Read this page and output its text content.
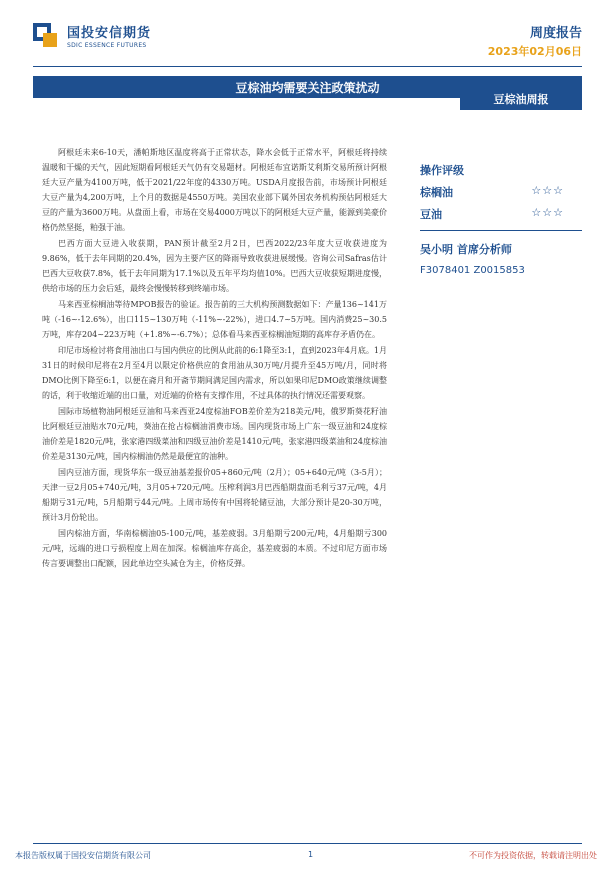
国投安信期货
SDIC ESSENCE FUTURES
周度报告
2023年02月06日
豆棕油均需要关注政策扰动
豆棕油周报

阿根廷未来6-10天，潘帕斯地区温度将高于正常状态，降水会低于正常水平，阿根廷将持续温暖和干燥的天气，因此短期看阿根廷天气仍有交易题材。阿根廷布宜诺斯艾利斯交易所预计阿根廷大豆产量为4100万吨，低于2021/22年度的4330万吨。USDA月度报告前，市场预计阿根廷大豆产量为4,200万吨，上个月的数据是4550万吨。美国农业部下属外国农务机构预估阿根廷大豆的产量为3600万吨。从盘面上看，市场在交易4000万吨以下的阿根廷大豆产量，能源到美豪价格仍然坚挺，粕强于油。

巴西方面大豆进入收获期，PAN预计截至2月2日，巴西2022/23年度大豆收获进度为9.86%，低于去年同期的20.4%，因为主要产区的降雨导致收获进展缓慢。咨询公司Safras估计巴西大豆收获7.8%，低于去年同期为17.1%以及五年平均均值10%。巴西大豆收获短期进度慢，供给市场的压力会后延，最终会慢慢转移到终端市场。

马来西亚棕榈油等待MPOB报告的验证。报告前的三大机构预测数据如下：产量136~141万吨（-16~-12.6%），出口115~130万吨（-11%~-22%），进口4.7~5万吨。国内消费25~30.5万吨，库存204~223万吨（+1.8%~-6.7%）；总体看马来西亚棕榈油短期的高库存矛盾仍在。

印尼市场检讨将食用油出口与国内供应的比例从此前的6:1降至3:1，直到2023年4月底。1月31日的时候印尼将在2月至4月以限定价格供应的食用油从30万吨/月提升至45万吨/月，同时将DMO比例下降至6:1，以便在斋月和开斋节期间满足国内需求，所以如果印尼DMO政策继续调整的话，利于收缩近端的出口量，对近端的价格有支撑作用，不过具体的执行情况还需要观察。

国际市场植物油阿根廷豆油和马来西亚24度棕油FOB差价差为218美元/吨，俄罗斯葵花籽油比阿根廷豆油贴水70元/吨，葵油在抢占棕榈油消费市场。国内现货市场上广东一级豆油和24度棕油价差是1820元/吨，张家港四级菜油和四级豆油价差是1410元/吨，张家港四级菜油和24度棕油价差是3130元/吨，国内棕榈油仍然是最便宜的油种。

国内豆油方面，现货华东一级豆油基差报价05+860元/吨（2月）；05+640元/吨（3-5月）；天津一豆2月05+740元/吨，3月05+720元/吨。压榨利润3月巴西船期盘面毛利亏37元/吨，4月船期亏31元/吨，5月船期亏44元/吨。上周市场传有中国将轮储豆油，大部分预计是20-30万吨，预计3月份轮出。

国内棕油方面，华南棕榈油05-100元/吨，基差疲弱。3月船期亏200元/吨，4月船期亏300元/吨，远端的进口亏损程度上周在加深。棕榈油库存高企，基差疲弱的本质。不过印尼方面市场传言要调整出口配额，因此单边空头减仓为主，价格反弹。

操作评级
棕榈油	☆☆☆
豆油	☆☆☆
吴小明 首席分析师
F3078401 Z0015853
本报告版权属于国投安信期货有限公司	1	不可作为投资依据，转载请注明出处
